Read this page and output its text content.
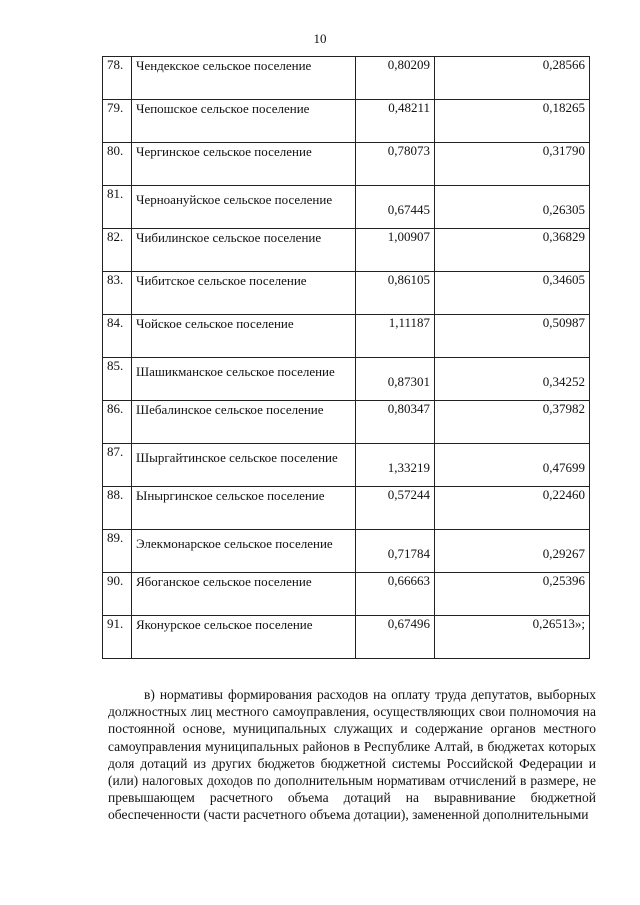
10
78.	Чендекское сельское поселение	0,80209	0,28566
79.	Чепошское сельское поселение	0,48211	0,18265
80.	Чергинское сельское поселение	0,78073	0,31790
81.	Черноануйское сельское поселение	0,67445	0,26305
82.	Чибилинское сельское поселение	1,00907	0,36829
83.	Чибитское сельское поселение	0,86105	0,34605
84.	Чойское сельское поселение	1,11187	0,50987
85.	Шашикманское сельское поселение	0,87301	0,34252
86.	Шебалинское сельское поселение	0,80347	0,37982
87.	Шыргайтинское сельское поселение	1,33219	0,47699
88.	Ыныргинское сельское поселение	0,57244	0,22460
89.	Элекмонарское сельское поселение	0,71784	0,29267
90.	Ябоганское сельское поселение	0,66663	0,25396
91.	Яконурское сельское поселение	0,67496	0,26513»;
в) нормативы формирования расходов на оплату труда депутатов, выборных должностных лиц местного самоуправления, осуществляющих свои полномочия на постоянной основе, муниципальных служащих и содержание органов местного самоуправления муниципальных районов в Республике Алтай, в бюджетах которых доля дотаций из других бюджетов бюджетной системы Российской Федерации и (или) налоговых доходов по дополнительным нормативам отчислений в размере, не превышающем расчетного объема дотаций на выравнивание бюджетной обеспеченности (части расчетного объема дотации), замененной дополнительными
